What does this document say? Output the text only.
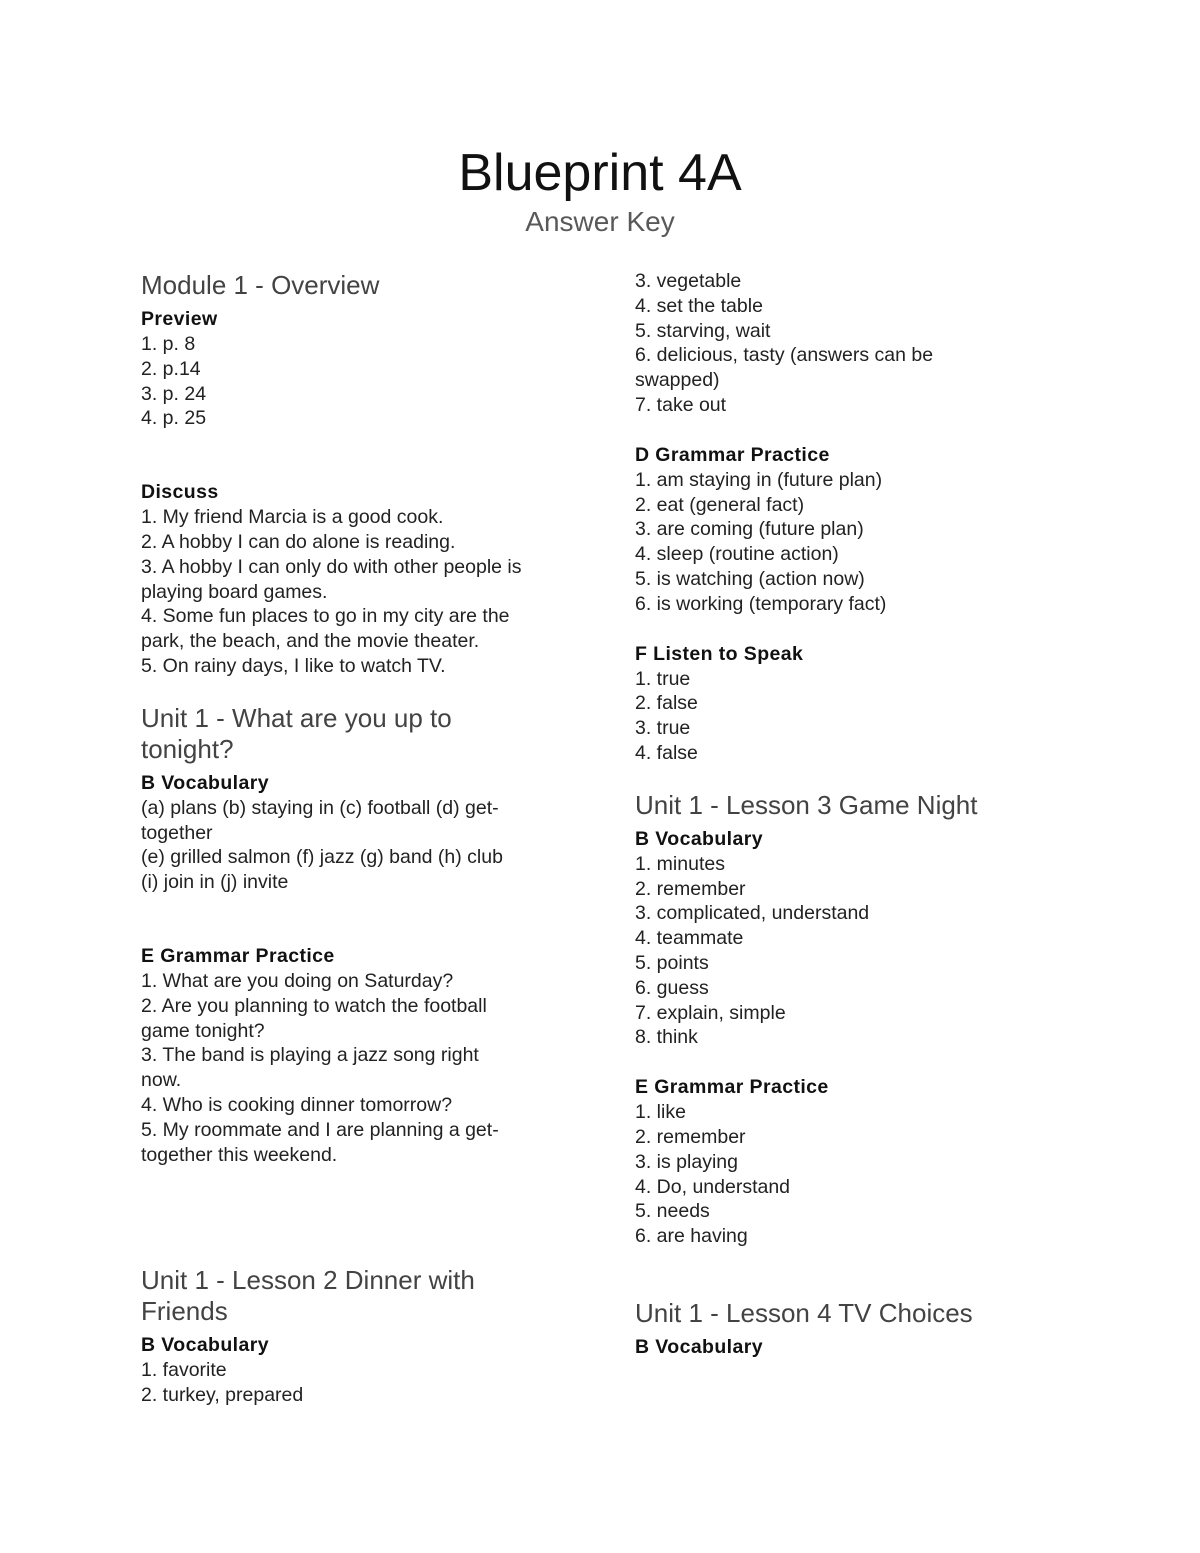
Blueprint 4A
Answer Key
Module 1 - Overview
Preview
1. p. 8
2. p.14
3. p. 24
4. p. 25
Discuss
1. My friend Marcia is a good cook.
2. A hobby I can do alone is reading.
3. A hobby I can only do with other people is
playing board games.
4. Some fun places to go in my city are the
park, the beach, and the movie theater.
5. On rainy days, I like to watch TV.
Unit 1 - What are you up to
tonight?
B Vocabulary
(a) plans (b) staying in (c) football (d) get-
together
(e) grilled salmon (f) jazz (g) band (h) club
(i) join in (j) invite
E Grammar Practice
1. What are you doing on Saturday?
2. Are you planning to watch the football
game tonight?
3. The band is playing a jazz song right
now.
4. Who is cooking dinner tomorrow?
5. My roommate and I are planning a get-
together this weekend.
Unit 1 - Lesson 2 Dinner with
Friends
B Vocabulary
1. favorite
2. turkey, prepared
3. vegetable
4. set the table
5. starving, wait
6. delicious, tasty (answers can be
swapped)
7. take out
D Grammar Practice
1. am staying in (future plan)
2. eat (general fact)
3. are coming (future plan)
4. sleep (routine action)
5. is watching (action now)
6. is working (temporary fact)
F Listen to Speak
1. true
2. false
3. true
4. false
Unit 1 - Lesson 3 Game Night
B Vocabulary
1. minutes
2. remember
3. complicated, understand
4. teammate
5. points
6. guess
7. explain, simple
8. think
E Grammar Practice
1. like
2. remember
3. is playing
4. Do, understand
5. needs
6. are having
Unit 1 - Lesson 4 TV Choices
B Vocabulary
